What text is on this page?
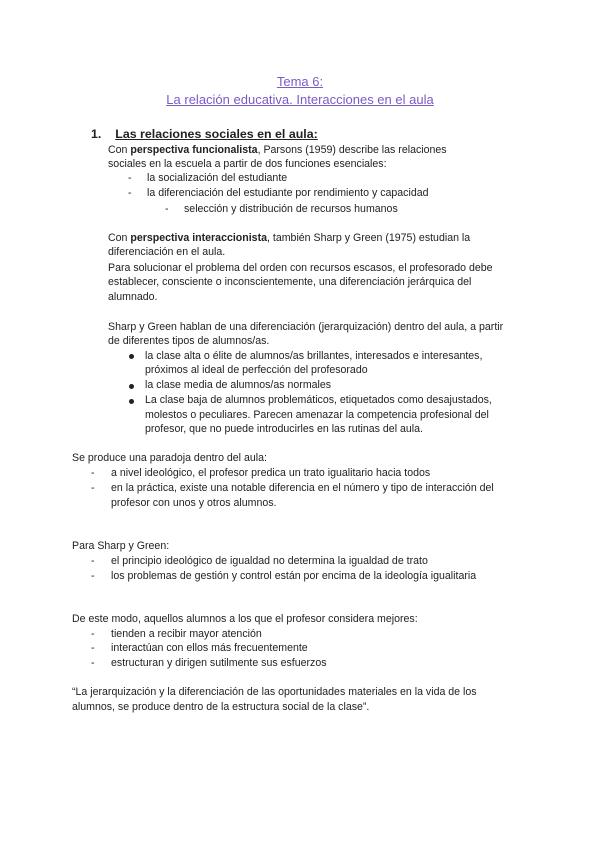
Tema 6:
La relación educativa. Interacciones en el aula
1. Las relaciones sociales en el aula:
Con perspectiva funcionalista, Parsons (1959) describe las relaciones
sociales en la escuela a partir de dos funciones esenciales:
- la socialización del estudiante
- la diferenciación del estudiante por rendimiento y capacidad
- selección y distribución de recursos humanos
Con perspectiva interaccionista, también Sharp y Green (1975) estudian la
diferenciación en el aula.
Para solucionar el problema del orden con recursos escasos, el profesorado debe
establecer, consciente o inconscientemente, una diferenciación jerárquica del
alumnado.
Sharp y Green hablan de una diferenciación (jerarquización) dentro del aula, a partir
de diferentes tipos de alumnos/as.
la clase alta o élite de alumnos/as brillantes, interesados e interesantes,
próximos al ideal de perfección del profesorado
la clase media de alumnos/as normales
La clase baja de alumnos problemáticos, etiquetados como desajustados,
molestos o peculiares. Parecen amenazar la competencia profesional del
profesor, que no puede introducirles en las rutinas del aula.
Se produce una paradoja dentro del aula:
- a nivel ideológico, el profesor predica un trato igualitario hacia todos
- en la práctica, existe una notable diferencia en el número y tipo de interacción del
profesor con unos y otros alumnos.
Para Sharp y Green:
- el principio ideológico de igualdad no determina la igualdad de trato
- los problemas de gestión y control están por encima de la ideología igualitaria
De este modo, aquellos alumnos a los que el profesor considera mejores:
- tienden a recibir mayor atención
- interactúan con ellos más frecuentemente
- estructuran y dirigen sutilmente sus esfuerzos
“La jerarquización y la diferenciación de las oportunidades materiales en la vida de los
alumnos, se produce dentro de la estructura social de la clase”.
